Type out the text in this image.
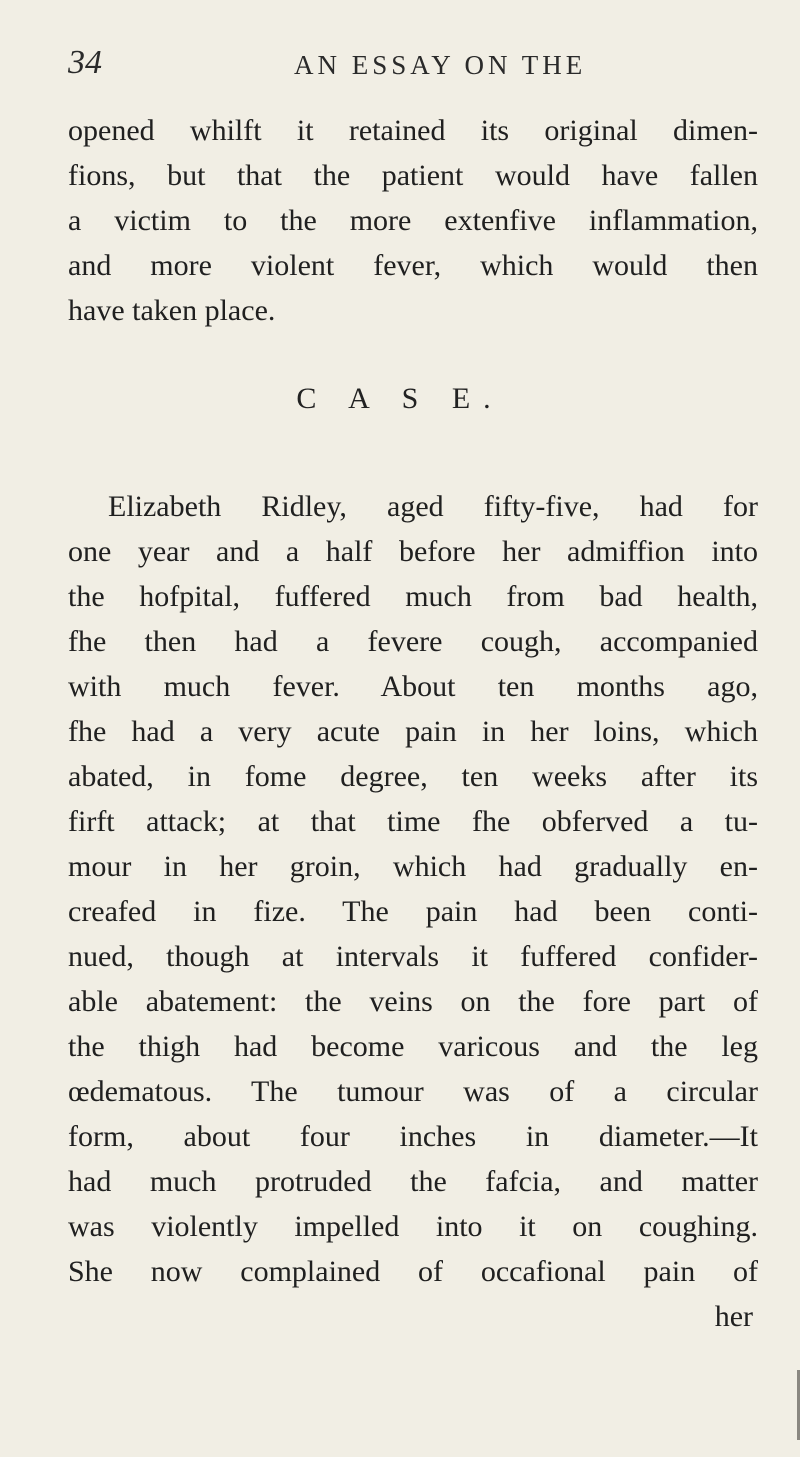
34	AN ESSAY ON THE
opened whilft it retained its original dimen-
fions, but that the patient would have fallen
a victim to the more extenfive inflammation,
and more violent fever, which would then
have taken place.
C A S E.
Elizabeth Ridley, aged fifty-five, had for
one year and a half before her admiffion into
the hofpital, fuffered much from bad health,
fhe then had a fevere cough, accompanied
with much fever. About ten months ago,
fhe had a very acute pain in her loins, which
abated, in fome degree, ten weeks after its
firft attack; at that time fhe obferved a tu-
mour in her groin, which had gradually en-
creafed in fize. The pain had been conti-
nued, though at intervals it fuffered confider-
able abatement: the veins on the fore part of
the thigh had become varicous and the leg
œdematous. The tumour was of a circular
form, about four inches in diameter.—It
had much protruded the fafcia, and matter
was violently impelled into it on coughing.
She now complained of occafional pain of
her
